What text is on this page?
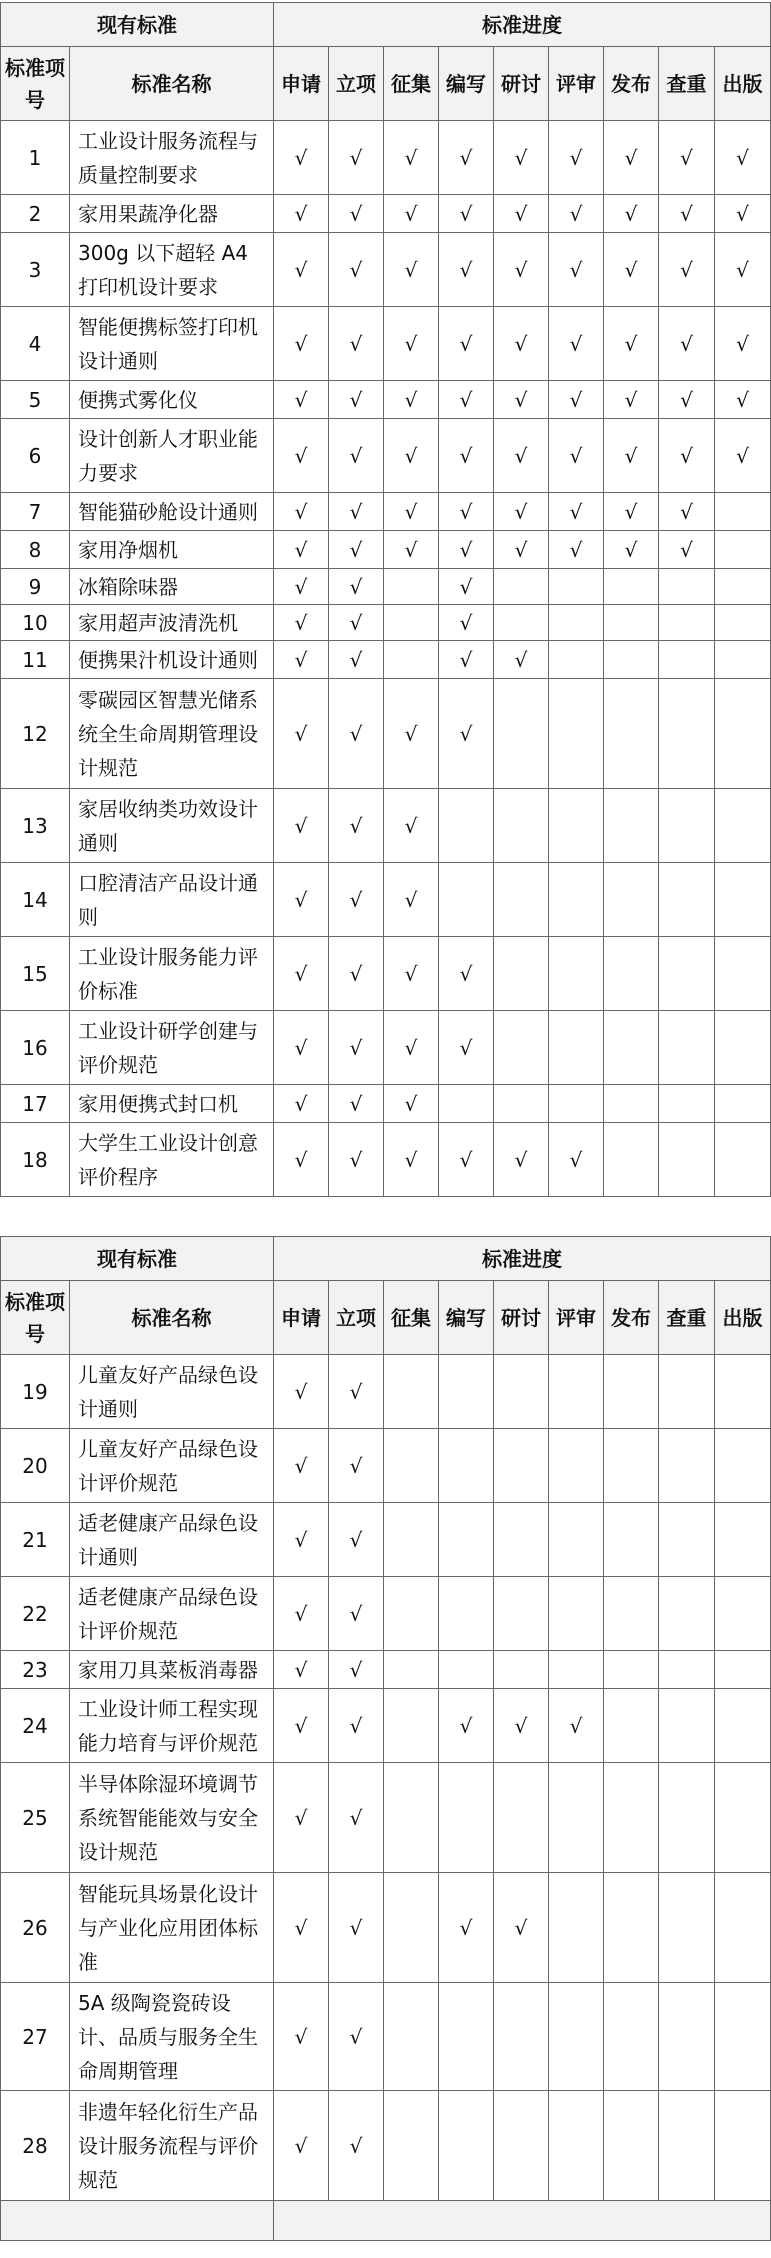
现有标准		标准进度								
标准项号	标准名称	申请	立项	征集	编写	研讨	评审	发布	查重	出版
1	工业设计服务流程与质量控制要求	√	√	√	√	√	√	√	√	√
2	家用果蔬净化器	√	√	√	√	√	√	√	√	√
3	300g 以下超轻 A4 打印机设计要求	√	√	√	√	√	√	√	√	√
4	智能便携标签打印机设计通则	√	√	√	√	√	√	√	√	√
5	便携式雾化仪	√	√	√	√	√	√	√	√	√
6	设计创新人才职业能力要求	√	√	√	√	√	√	√	√	√
7	智能猫砂舱设计通则	√	√	√	√	√	√	√	√	
8	家用净烟机	√	√	√	√	√	√	√	√	
9	冰箱除味器	√	√		√					
10	家用超声波清洗机	√	√		√					
11	便携果汁机设计通则	√	√		√	√				
12	零碳园区智慧光储系统全生命周期管理设计规范	√	√	√	√					
13	家居收纳类功效设计通则	√	√	√						
14	口腔清洁产品设计通则	√	√	√						
15	工业设计服务能力评价标准	√	√	√	√					
16	工业设计研学创建与评价规范	√	√	√	√					
17	家用便携式封口机	√	√	√						
18	大学生工业设计创意评价程序	√	√	√	√	√	√			
现有标准		标准进度								
标准项号	标准名称	申请	立项	征集	编写	研讨	评审	发布	查重	出版
19	儿童友好产品绿色设计通则	√	√							
20	儿童友好产品绿色设计评价规范	√	√							
21	适老健康产品绿色设计通则	√	√							
22	适老健康产品绿色设计评价规范	√	√							
23	家用刀具菜板消毒器	√	√							
24	工业设计师工程实现能力培育与评价规范	√	√		√	√	√			
25	半导体除湿环境调节系统智能能效与安全设计规范	√	√							
26	智能玩具场景化设计与产业化应用团体标准	√	√		√	√				
27	5A 级陶瓷瓷砖设计、品质与服务全生命周期管理	√	√							
28	非遗年轻化衍生产品设计服务流程与评价规范	√	√							
